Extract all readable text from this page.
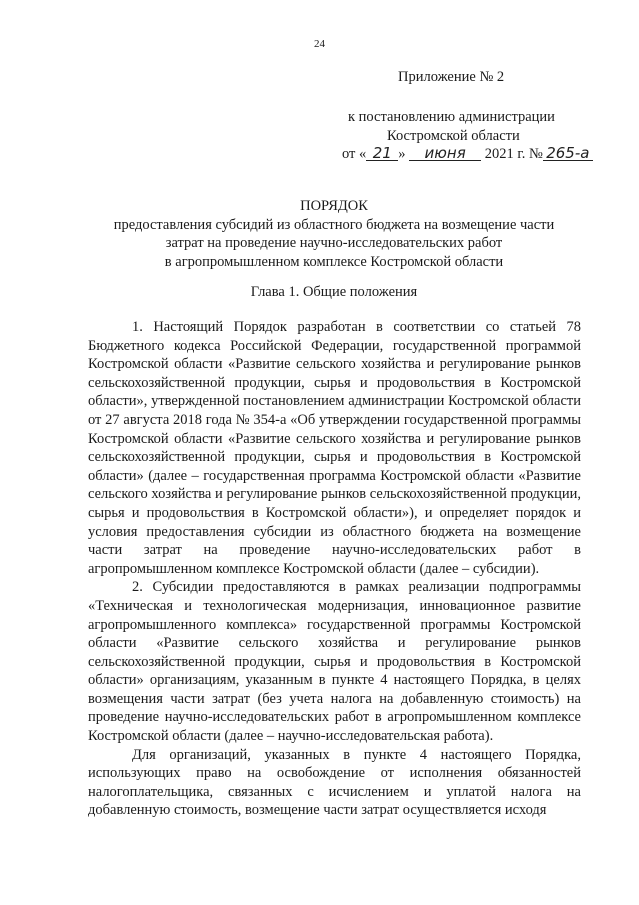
24
Приложение № 2
к постановлению администрации
Костромской области
от « 21 » июня 2021 г. № 265-а
ПОРЯДОК
предоставления субсидий из областного бюджета на возмещение части
затрат на проведение научно-исследовательских работ
в агропромышленном комплексе Костромской области
Глава 1. Общие положения

1. Настоящий Порядок разработан в соответствии со статьей 78 Бюджетного кодекса Российской Федерации, государственной программой Костромской области «Развитие сельского хозяйства и регулирование рынков сельскохозяйственной продукции, сырья и продовольствия в Костромской области», утвержденной постановлением администрации Костромской области от 27 августа 2018 года № 354-а «Об утверждении государственной программы Костромской области «Развитие сельского хозяйства и регулирование рынков сельскохозяйственной продукции, сырья и продовольствия в Костромской области» (далее – государственная программа Костромской области «Развитие сельского хозяйства и регулирование рынков сельскохозяйственной продукции, сырья и продовольствия в Костромской области»), и определяет порядок и условия предоставления субсидии из областного бюджета на возмещение части затрат на проведение научно-исследовательских работ в агропромышленном комплексе Костромской области (далее – субсидии).

2. Субсидии предоставляются в рамках реализации подпрограммы «Техническая и технологическая модернизация, инновационное развитие агропромышленного комплекса» государственной программы Костромской области «Развитие сельского хозяйства и регулирование рынков сельскохозяйственной продукции, сырья и продовольствия в Костромской области» организациям, указанным в пункте 4 настоящего Порядка, в целях возмещения части затрат (без учета налога на добавленную стоимость) на проведение научно-исследовательских работ в агропромышленном комплексе Костромской области (далее – научно-исследовательская работа).

Для организаций, указанных в пункте 4 настоящего Порядка, использующих право на освобождение от исполнения обязанностей налогоплательщика, связанных с исчислением и уплатой налога на добавленную стоимость, возмещение части затрат осуществляется исходя
